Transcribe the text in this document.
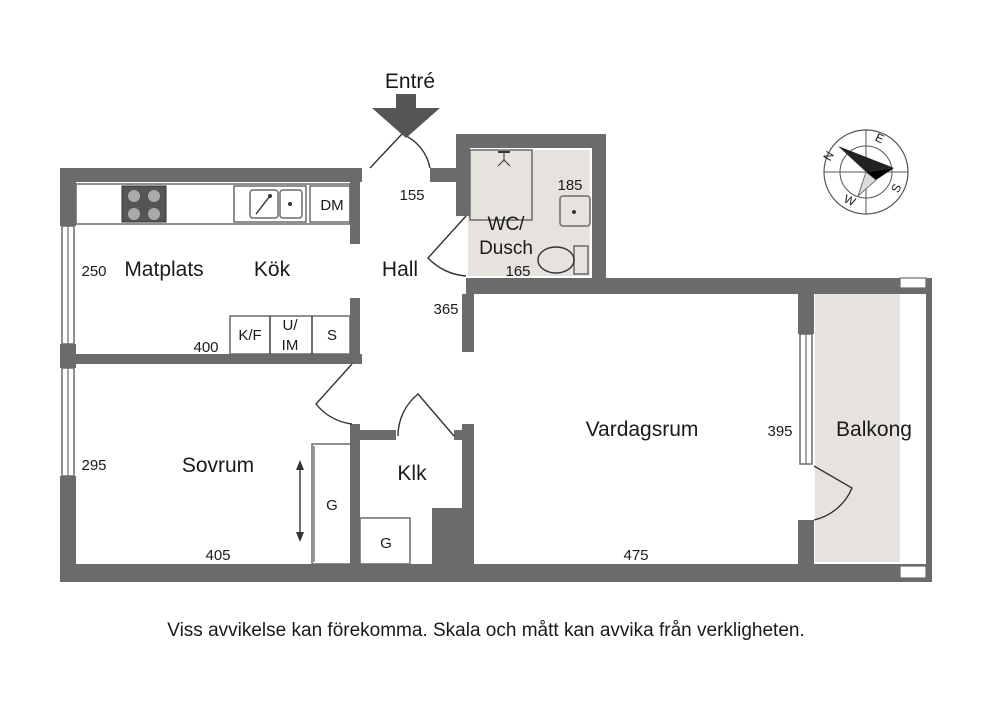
Entré
DM
K/F
U/
IM
S
G
G
Matplats Kök	Hall
WC/
Dusch
Sovrum
Vardagsrum
Klk
Balkong
155
185
165
250
365
400
295
395
405	475
N
E
S
W
Viss avvikelse kan förekomma. Skala och mått kan avvika från verkligheten.
